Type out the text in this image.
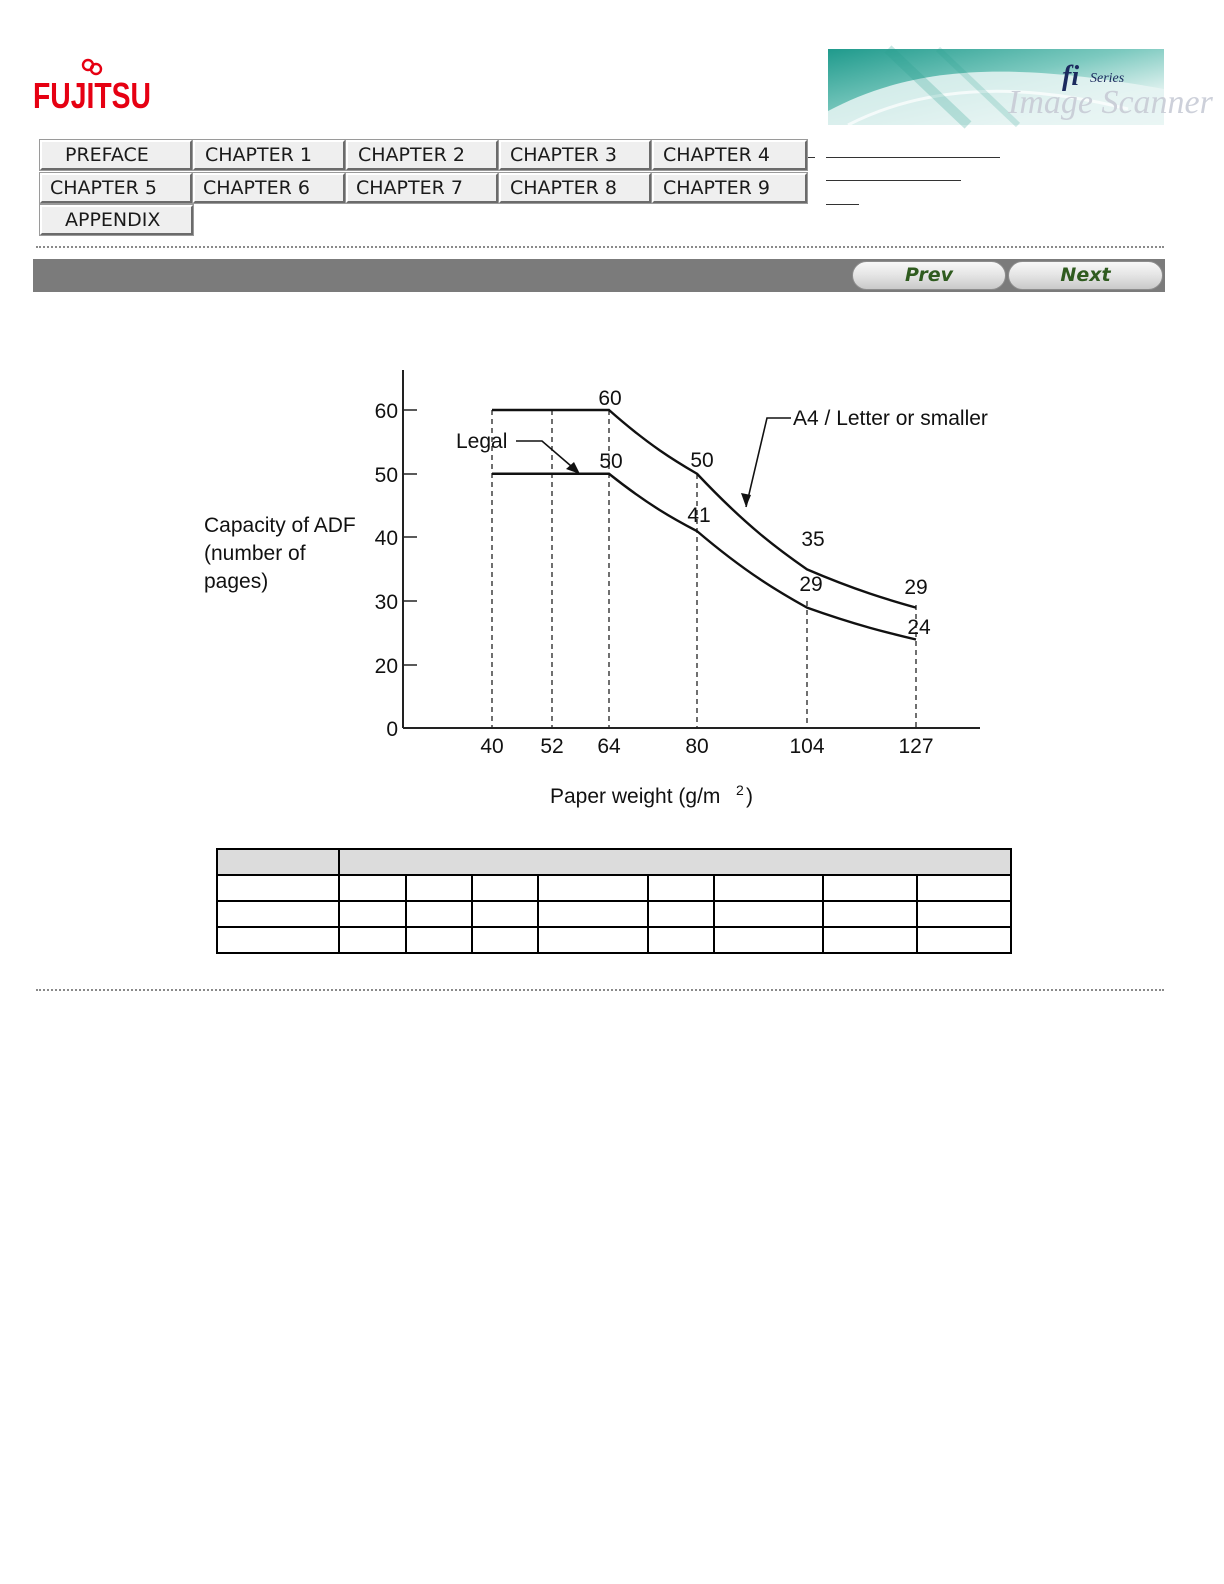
FUJITSU	Image Scanner
fi Series
PREFACE	CHAPTER 1	CHAPTER 2	CHAPTER 3	CHAPTER 4
CHAPTER 5	CHAPTER 6	CHAPTER 7	CHAPTER 8	CHAPTER 9
APPENDIX
Prev	Next
0
20
30
40
50
60
40 52 64	80	104	127
60
50
35
29
50
41
29
24
A4 / Letter or smaller
Legal
Capacity of ADF
(number of
pages)
Paper weight (g/m 2 )
